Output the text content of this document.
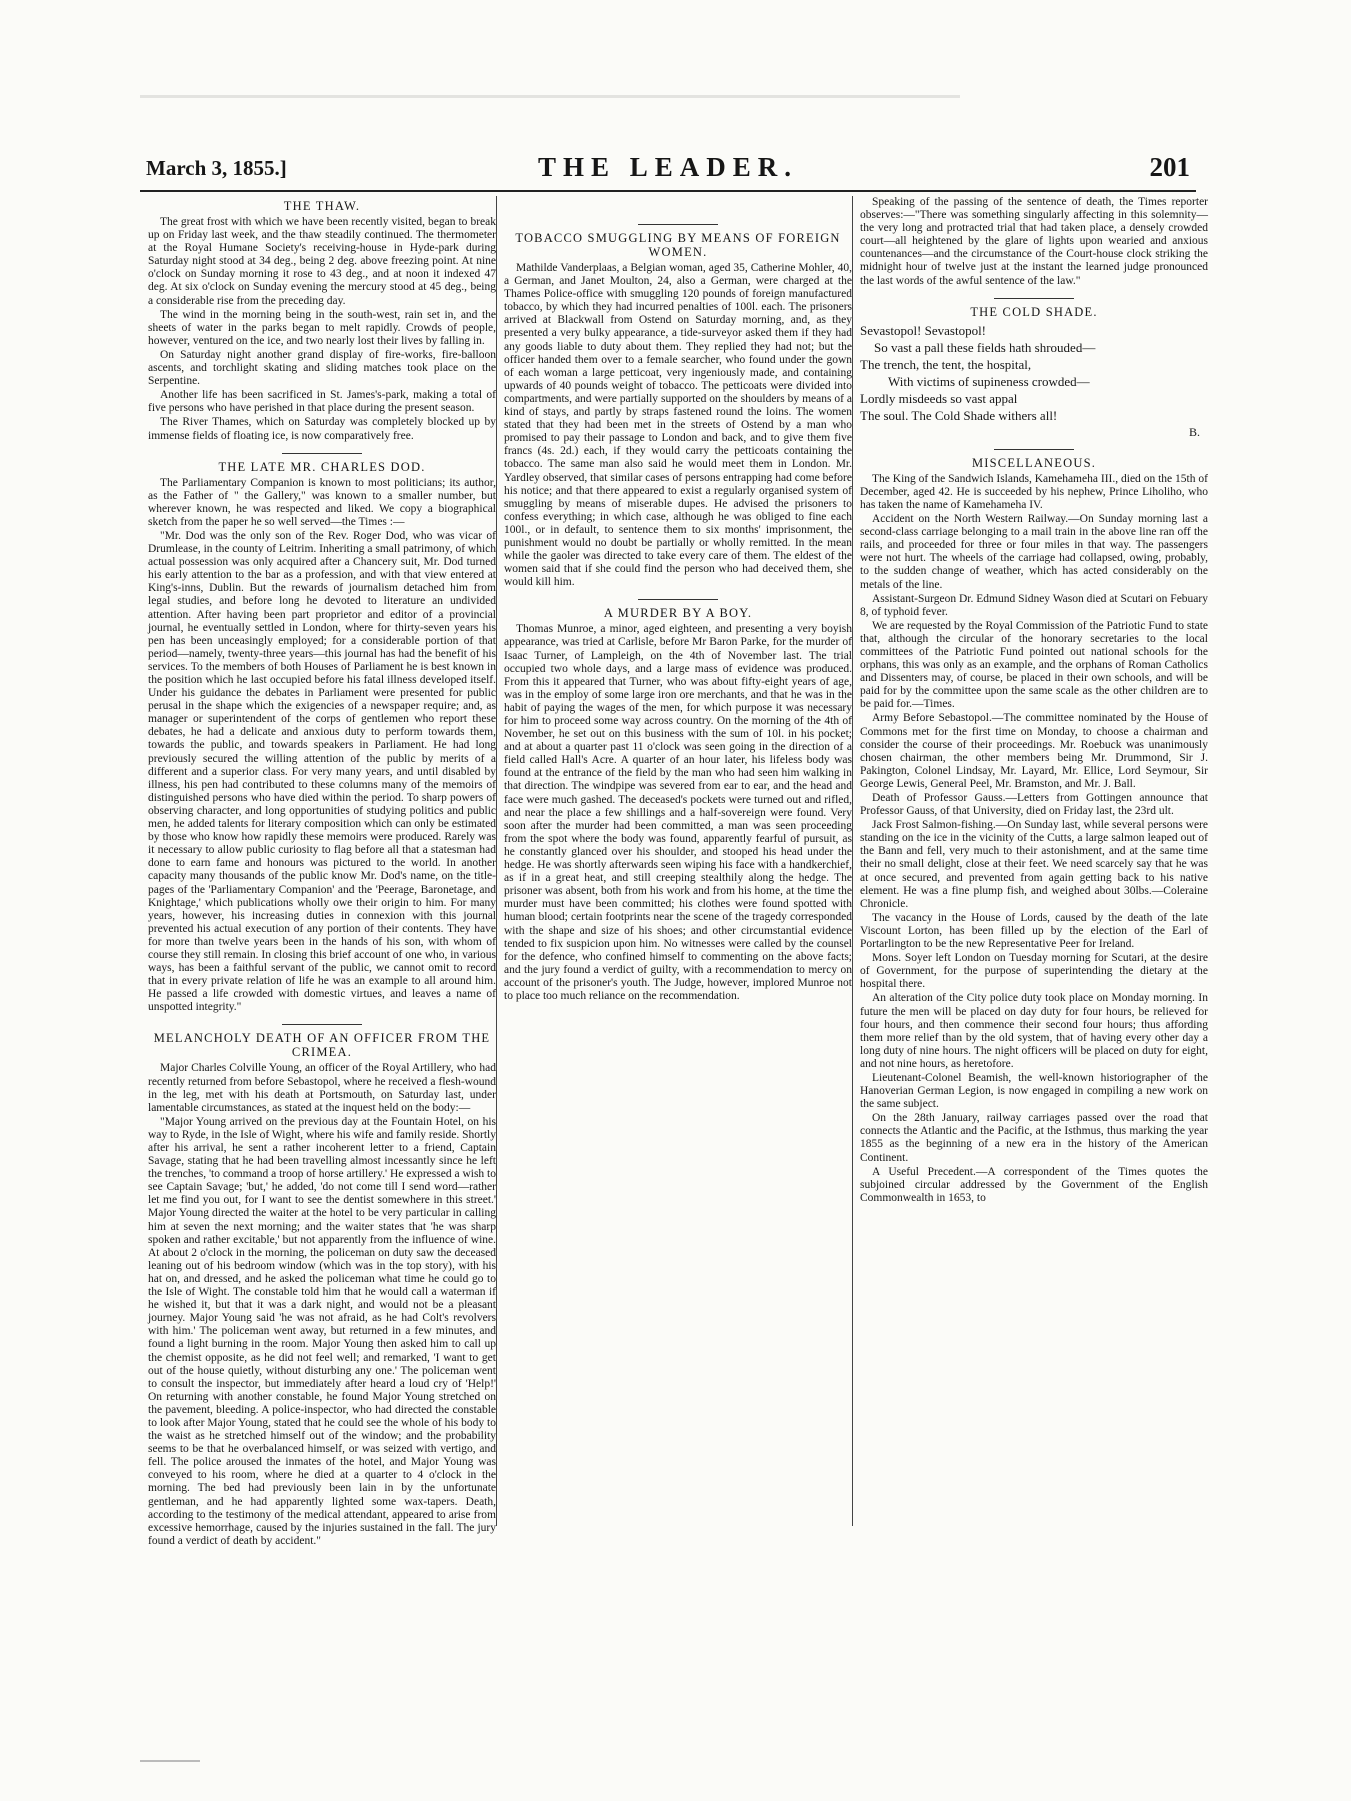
March 3, 1855.]	THE LEADER.	201
THE THAW.

The great frost with which we have been recently visited, began to break up on Friday last week, and the thaw steadily continued. The thermometer at the Royal Humane Society's receiving-house in Hyde-park during Saturday night stood at 34 deg., being 2 deg. above freezing point. At nine o'clock on Sunday morning it rose to 43 deg., and at noon it indexed 47 deg. At six o'clock on Sunday evening the mercury stood at 45 deg., being a considerable rise from the preceding day.

The wind in the morning being in the south-west, rain set in, and the sheets of water in the parks began to melt rapidly. Crowds of people, however, ventured on the ice, and two nearly lost their lives by falling in.

On Saturday night another grand display of fire-works, fire-balloon ascents, and torchlight skating and sliding matches took place on the Serpentine.

Another life has been sacrificed in St. James's-park, making a total of five persons who have perished in that place during the present season.

The River Thames, which on Saturday was completely blocked up by immense fields of floating ice, is now comparatively free.

THE LATE MR. CHARLES DOD.

The Parliamentary Companion is known to most politicians; its author, as the Father of " the Gallery," was known to a smaller number, but wherever known, he was respected and liked. We copy a biographical sketch from the paper he so well served—the Times :—

"Mr. Dod was the only son of the Rev. Roger Dod, who was vicar of Drumlease, in the county of Leitrim. Inheriting a small patrimony, of which actual possession was only acquired after a Chancery suit, Mr. Dod turned his early attention to the bar as a profession, and with that view entered at King's-inns, Dublin. But the rewards of journalism detached him from legal studies, and before long he devoted to literature an undivided attention. After having been part proprietor and editor of a provincial journal, he eventually settled in London, where for thirty-seven years his pen has been unceasingly employed; for a considerable portion of that period—namely, twenty-three years—this journal has had the benefit of his services. To the members of both Houses of Parliament he is best known in the position which he last occupied before his fatal illness developed itself. Under his guidance the debates in Parliament were presented for public perusal in the shape which the exigencies of a newspaper require; and, as manager or superintendent of the corps of gentlemen who report these debates, he had a delicate and anxious duty to perform towards them, towards the public, and towards speakers in Parliament. He had long previously secured the willing attention of the public by merits of a different and a superior class. For very many years, and until disabled by illness, his pen had contributed to these columns many of the memoirs of distinguished persons who have died within the period. To sharp powers of observing character, and long opportunities of studying politics and public men, he added talents for literary composition which can only be estimated by those who know how rapidly these memoirs were produced. Rarely was it necessary to allow public curiosity to flag before all that a statesman had done to earn fame and honours was pictured to the world. In another capacity many thousands of the public know Mr. Dod's name, on the title-pages of the 'Parliamentary Companion' and the 'Peerage, Baronetage, and Knightage,' which publications wholly owe their origin to him. For many years, however, his increasing duties in connexion with this journal prevented his actual execution of any portion of their contents. They have for more than twelve years been in the hands of his son, with whom of course they still remain. In closing this brief account of one who, in various ways, has been a faithful servant of the public, we cannot omit to record that in every private relation of life he was an example to all around him. He passed a life crowded with domestic virtues, and leaves a name of unspotted integrity."

MELANCHOLY DEATH OF AN OFFICER FROM THE CRIMEA.

Major Charles Colville Young, an officer of the Royal Artillery, who had recently returned from before Sebastopol, where he received a flesh-wound in the leg, met with his death at Portsmouth, on Saturday last, under lamentable circumstances, as stated at the inquest held on the body:—

"Major Young arrived on the previous day at the Fountain Hotel, on his way to Ryde, in the Isle of Wight, where his wife and family reside. Shortly after his arrival, he sent a rather incoherent letter to a friend, Captain Savage, stating that he had been travelling almost incessantly since he left the trenches, 'to command a troop of horse artillery.' He expressed a wish to see Captain Savage; 'but,' he added, 'do not come till I send word—rather let me find you out, for I want to see the dentist somewhere in this street.' Major Young directed the waiter at the hotel to be very particular in calling him at seven the next morning; and the waiter states that 'he was sharp spoken and rather excitable,' but not apparently from the influence of wine. At about 2 o'clock in the morning, the policeman on duty saw the deceased leaning out of his bedroom window (which was in the top story), with his hat on, and dressed, and he asked the policeman what time he could go to the Isle of Wight. The constable told him that he would call a waterman if he wished it, but that it was a dark night, and would not be a pleasant journey. Major Young said 'he was not afraid, as he had Colt's revolvers with him.' The policeman went away, but returned in a few minutes, and found a light burning in the room. Major Young then asked him to call up the chemist opposite, as he did not feel well; and remarked, 'I want to get out of the house quietly, without disturbing any one.' The policeman went to consult the inspector, but immediately after heard a loud cry of 'Help!' On returning with another constable, he found Major Young stretched on the pavement, bleeding. A police-inspector, who had directed the constable to look after Major Young, stated that he could see the whole of his body to the waist as he stretched himself out of the window; and the probability seems to be that he overbalanced himself, or was seized with vertigo, and fell. The police aroused the inmates of the hotel, and Major Young was conveyed to his room, where he died at a quarter to 4 o'clock in the morning. The bed had previously been lain in by the unfortunate gentleman, and he had apparently lighted some wax-tapers. Death, according to the testimony of the medical attendant, appeared to arise from excessive hemorrhage, caused by the injuries sustained in the fall. The jury found a verdict of death by accident."

TOBACCO SMUGGLING BY MEANS OF FOREIGN WOMEN.

Mathilde Vanderplaas, a Belgian woman, aged 35, Catherine Mohler, 40, a German, and Janet Moulton, 24, also a German, were charged at the Thames Police-office with smuggling 120 pounds of foreign manufactured tobacco, by which they had incurred penalties of 100l. each. The prisoners arrived at Blackwall from Ostend on Saturday morning, and, as they presented a very bulky appearance, a tide-surveyor asked them if they had any goods liable to duty about them. They replied they had not; but the officer handed them over to a female searcher, who found under the gown of each woman a large petticoat, very ingeniously made, and containing upwards of 40 pounds weight of tobacco. The petticoats were divided into compartments, and were partially supported on the shoulders by means of a kind of stays, and partly by straps fastened round the loins. The women stated that they had been met in the streets of Ostend by a man who promised to pay their passage to London and back, and to give them five francs (4s. 2d.) each, if they would carry the petticoats containing the tobacco. The same man also said he would meet them in London. Mr. Yardley observed, that similar cases of persons entrapping had come before his notice; and that there appeared to exist a regularly organised system of smuggling by means of miserable dupes. He advised the prisoners to confess everything; in which case, although he was obliged to fine each 100l., or in default, to sentence them to six months' imprisonment, the punishment would no doubt be partially or wholly remitted. In the mean while the gaoler was directed to take every care of them. The eldest of the women said that if she could find the person who had deceived them, she would kill him.

A MURDER BY A BOY.

Thomas Munroe, a minor, aged eighteen, and presenting a very boyish appearance, was tried at Carlisle, before Mr Baron Parke, for the murder of Isaac Turner, of Lampleigh, on the 4th of November last. The trial occupied two whole days, and a large mass of evidence was produced. From this it appeared that Turner, who was about fifty-eight years of age, was in the employ of some large iron ore merchants, and that he was in the habit of paying the wages of the men, for which purpose it was necessary for him to proceed some way across country. On the morning of the 4th of November, he set out on this business with the sum of 10l. in his pocket; and at about a quarter past 11 o'clock was seen going in the direction of a field called Hall's Acre. A quarter of an hour later, his lifeless body was found at the entrance of the field by the man who had seen him walking in that direction. The windpipe was severed from ear to ear, and the head and face were much gashed. The deceased's pockets were turned out and rifled, and near the place a few shillings and a half-sovereign were found. Very soon after the murder had been committed, a man was seen proceeding from the spot where the body was found, apparently fearful of pursuit, as he constantly glanced over his shoulder, and stooped his head under the hedge. He was shortly afterwards seen wiping his face with a handkerchief, as if in a great heat, and still creeping stealthily along the hedge. The prisoner was absent, both from his work and from his home, at the time the murder must have been committed; his clothes were found spotted with human blood; certain footprints near the scene of the tragedy corresponded with the shape and size of his shoes; and other circumstantial evidence tended to fix suspicion upon him. No witnesses were called by the counsel for the defence, who confined himself to commenting on the above facts; and the jury found a verdict of guilty, with a recommendation to mercy on account of the prisoner's youth. The Judge, however, implored Munroe not to place too much reliance on the recommendation.

Speaking of the passing of the sentence of death, the Times reporter observes:—"There was something singularly affecting in this solemnity—the very long and protracted trial that had taken place, a densely crowded court—all heightened by the glare of lights upon wearied and anxious countenances—and the circumstance of the Court-house clock striking the midnight hour of twelve just at the instant the learned judge pronounced the last words of the awful sentence of the law."

THE COLD SHADE.
Sevastopol! Sevastopol!
So vast a pall these fields hath shrouded—
The trench, the tent, the hospital,
With victims of supineness crowded—
Lordly misdeeds so vast appal
The soul. The Cold Shade withers all!
B.
MISCELLANEOUS.

The King of the Sandwich Islands, Kamehameha III., died on the 15th of December, aged 42. He is succeeded by his nephew, Prince Liholiho, who has taken the name of Kamehameha IV.

Accident on the North Western Railway.—On Sunday morning last a second-class carriage belonging to a mail train in the above line ran off the rails, and proceeded for three or four miles in that way. The passengers were not hurt. The wheels of the carriage had collapsed, owing, probably, to the sudden change of weather, which has acted considerably on the metals of the line.

Assistant-Surgeon Dr. Edmund Sidney Wason died at Scutari on Febuary 8, of typhoid fever.

We are requested by the Royal Commission of the Patriotic Fund to state that, although the circular of the honorary secretaries to the local committees of the Patriotic Fund pointed out national schools for the orphans, this was only as an example, and the orphans of Roman Catholics and Dissenters may, of course, be placed in their own schools, and will be paid for by the committee upon the same scale as the other children are to be paid for.—Times.

Army Before Sebastopol.—The committee nominated by the House of Commons met for the first time on Monday, to choose a chairman and consider the course of their proceedings. Mr. Roebuck was unanimously chosen chairman, the other members being Mr. Drummond, Sir J. Pakington, Colonel Lindsay, Mr. Layard, Mr. Ellice, Lord Seymour, Sir George Lewis, General Peel, Mr. Bramston, and Mr. J. Ball.

Death of Professor Gauss.—Letters from Gottingen announce that Professor Gauss, of that University, died on Friday last, the 23rd ult.

Jack Frost Salmon-fishing.—On Sunday last, while several persons were standing on the ice in the vicinity of the Cutts, a large salmon leaped out of the Bann and fell, very much to their astonishment, and at the same time their no small delight, close at their feet. We need scarcely say that he was at once secured, and prevented from again getting back to his native element. He was a fine plump fish, and weighed about 30lbs.—Coleraine Chronicle.

The vacancy in the House of Lords, caused by the death of the late Viscount Lorton, has been filled up by the election of the Earl of Portarlington to be the new Representative Peer for Ireland.

Mons. Soyer left London on Tuesday morning for Scutari, at the desire of Government, for the purpose of superintending the dietary at the hospital there.

An alteration of the City police duty took place on Monday morning. In future the men will be placed on day duty for four hours, be relieved for four hours, and then commence their second four hours; thus affording them more relief than by the old system, that of having every other day a long duty of nine hours. The night officers will be placed on duty for eight, and not nine hours, as heretofore.

Lieutenant-Colonel Beamish, the well-known historiographer of the Hanoverian German Legion, is now engaged in compiling a new work on the same subject.

On the 28th January, railway carriages passed over the road that connects the Atlantic and the Pacific, at the Isthmus, thus marking the year 1855 as the beginning of a new era in the history of the American Continent.

A Useful Precedent.—A correspondent of the Times quotes the subjoined circular addressed by the Government of the English Commonwealth in 1653, to
